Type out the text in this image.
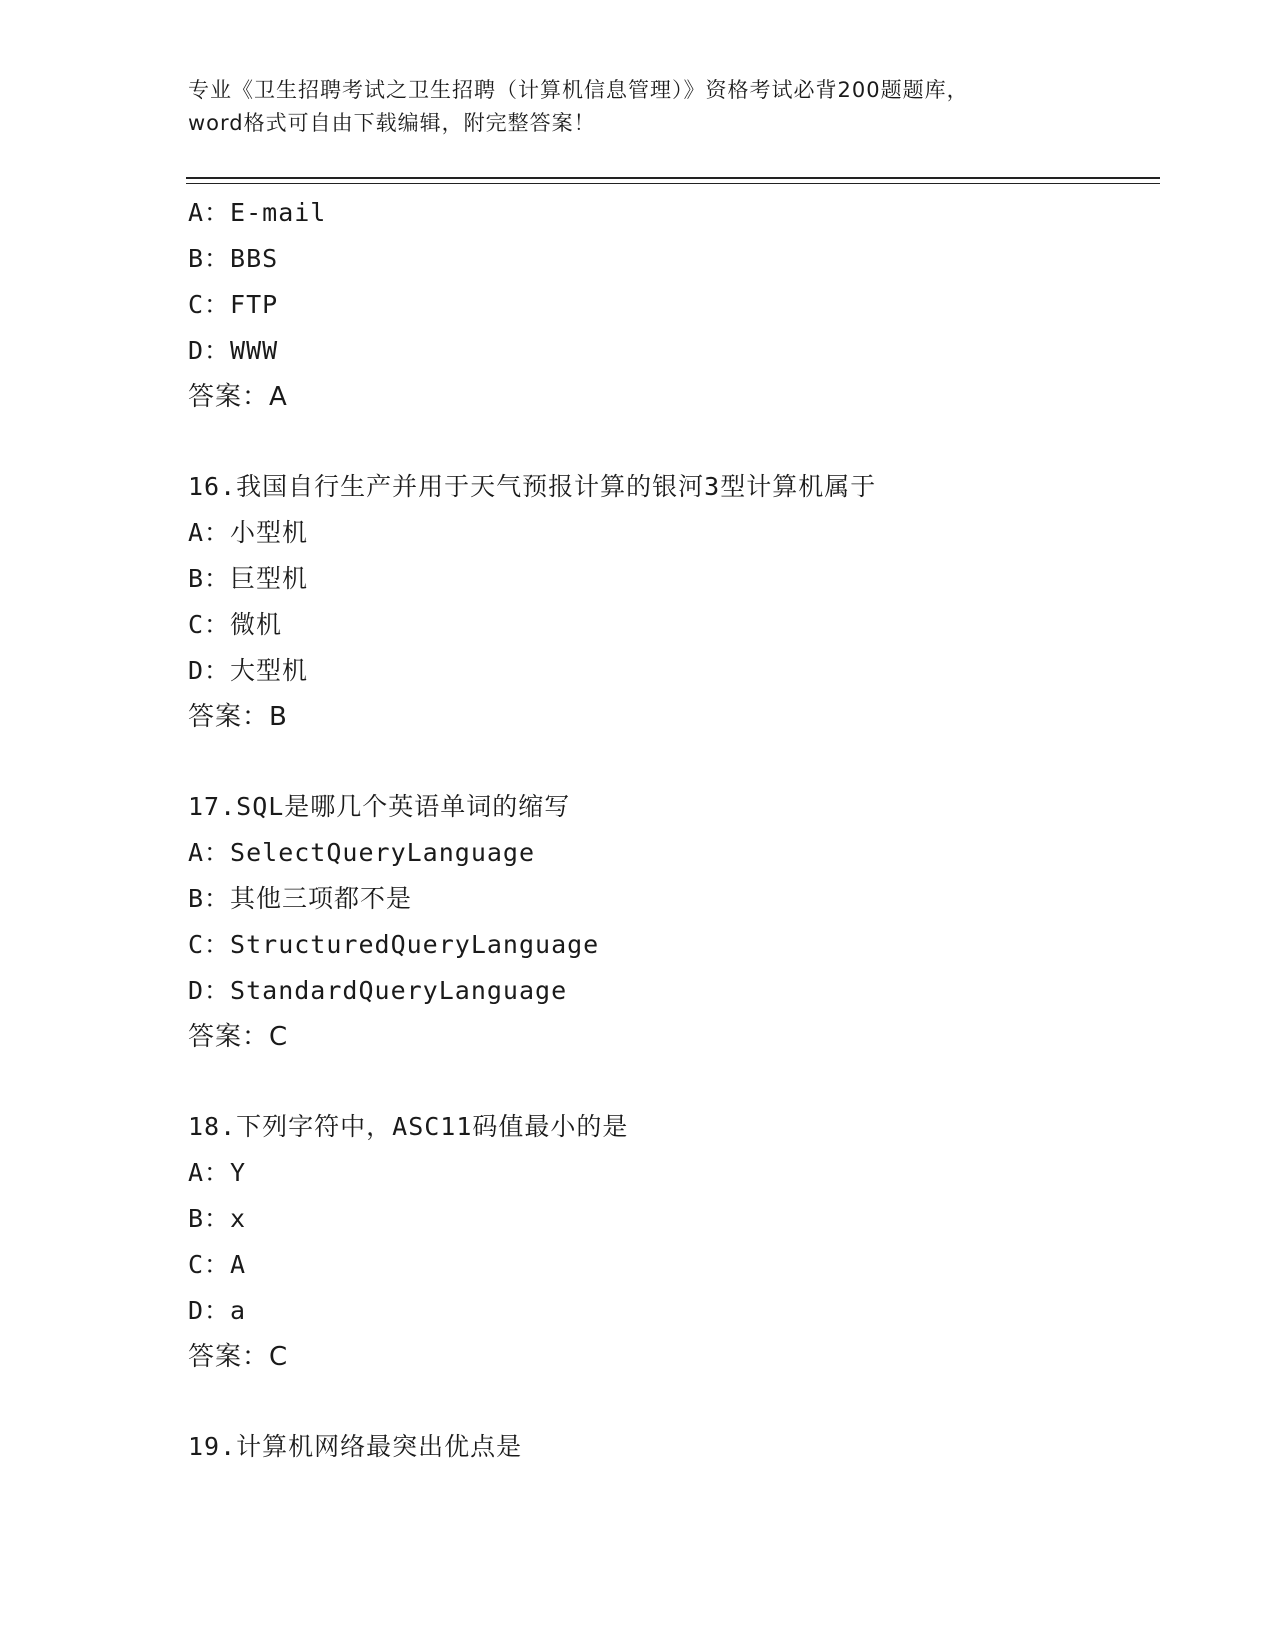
专业《卫生招聘考试之卫生招聘（计算机信息管理）》资格考试必背200题题库，
word格式可自由下载编辑，附完整答案！
A：E-mail
B：BBS
C：FTP
D：WWW
答案：A
16.我国自行生产并用于天气预报计算的银河3型计算机属于
A：小型机
B：巨型机
C：微机
D：大型机
答案：B
17.SQL是哪几个英语单词的缩写
A：SelectQueryLanguage
B：其他三项都不是
C：StructuredQueryLanguage
D：StandardQueryLanguage
答案：C
18.下列字符中，ASC11码值最小的是
A：Y
B：x
C：A
D：a
答案：C
19.计算机网络最突出优点是
